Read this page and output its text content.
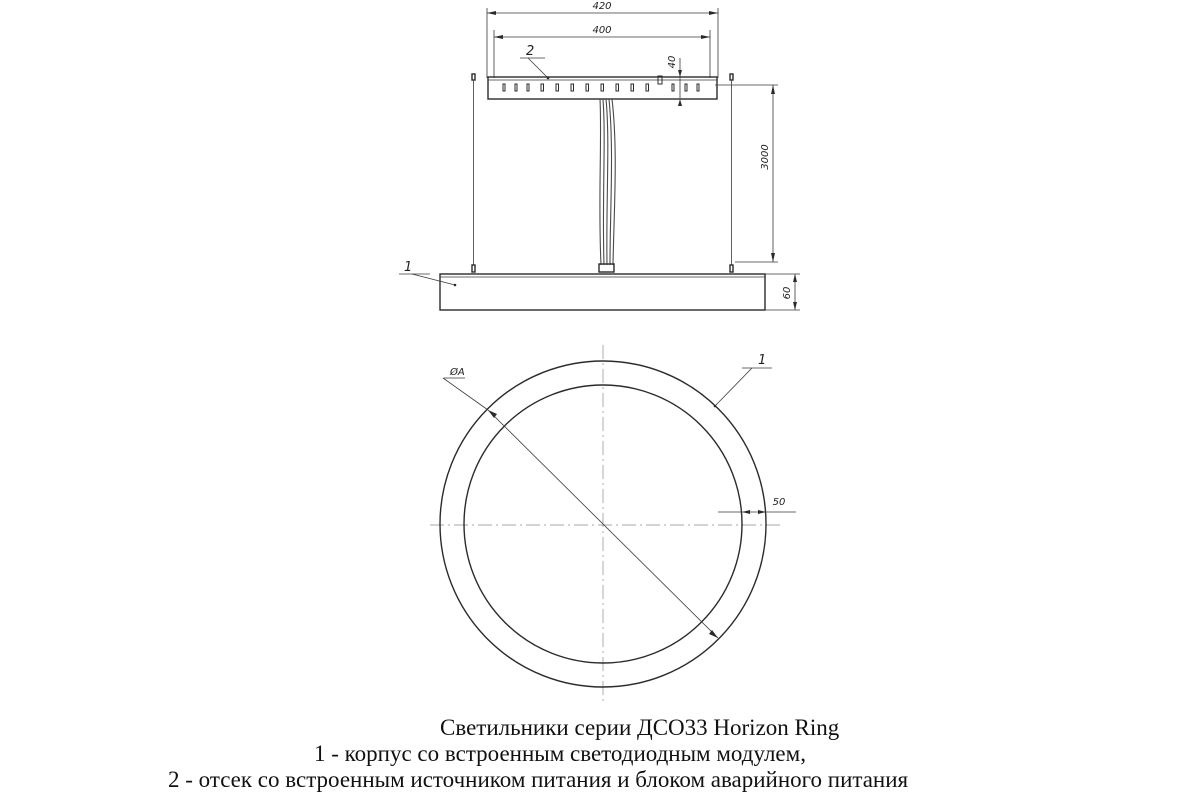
420
400
2
40
3000
1
60
ØA
1
50
Светильники серии ДСО33 Horizon Ring
1 - корпус со встроенным светодиодным модулем,
2 - отсек со встроенным источником питания и блоком аварийного питания
